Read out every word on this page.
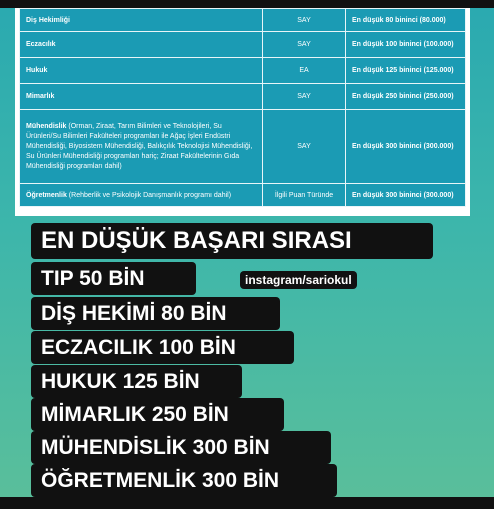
Diş Hekimliği	SAY	En düşük 80 bininci (80.000)
Eczacılık	SAY	En düşük 100 bininci (100.000)
Hukuk	EA	En düşük 125 bininci (125.000)
Mimarlık	SAY	En düşük 250 bininci (250.000)
Mühendislik (Orman, Ziraat, Tarım Bilimleri ve Teknolojileri, Su Ürünleri/Su Bilimleri Fakülteleri programları ile Ağaç İşleri Endüstri Mühendisliği, Biyosistem Mühendisliği, Balıkçılık Teknolojisi Mühendisliği, Su Ürünleri Mühendisliği programları hariç; Ziraat Fakültelerinin Gıda Mühendisliği programları dahil)	SAY	En düşük 300 bininci (300.000)
Öğretmenlik (Rehberlik ve Psikolojik Danışmanlık programı dahil)	İlgili Puan Türünde	En düşük 300 bininci (300.000)
EN DÜŞÜK BAŞARI SIRASI
TIP 50 BİN	instagram/sariokul
DİŞ HEKİMİ 80 BİN
ECZACILIK 100 BİN
HUKUK 125 BİN
MİMARLIK 250 BİN
MÜHENDİSLİK 300 BİN
ÖĞRETMENLİK 300 BİN
